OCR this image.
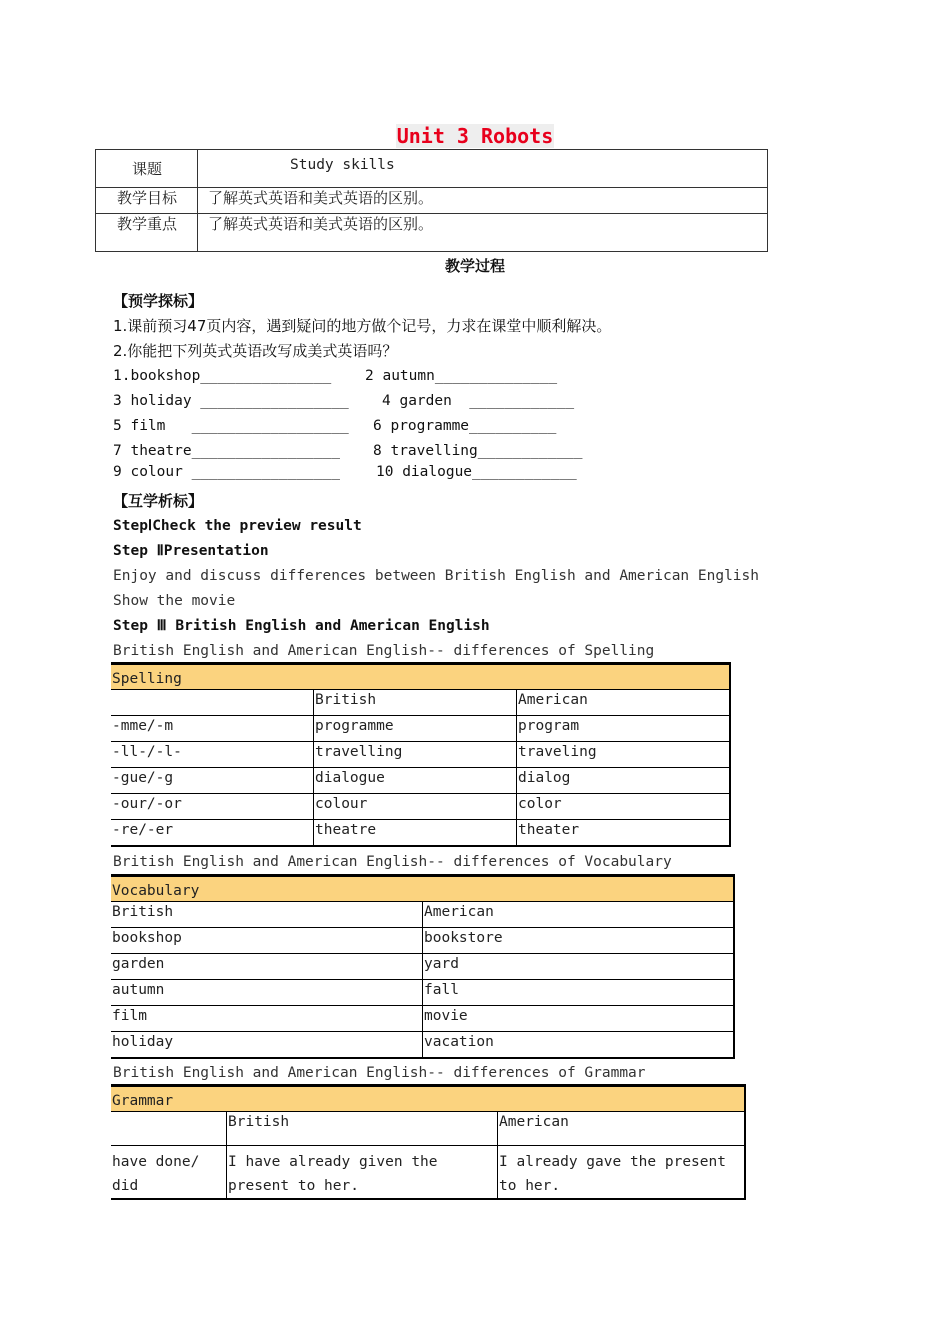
Unit 3 Robots
课题	Study skills
教学目标	了解英式英语和美式英语的区别。
教学重点	了解英式英语和美式英语的区别。
教学过程
【预学探标】
1.课前预习47页内容，遇到疑问的地方做个记号，力求在课堂中顺利解决。
2.你能把下列英式英语改写成美式英语吗？
1.bookshop_______________ 2 autumn______________
3 holiday _________________ 4 garden  ____________
5 film   __________________ 6 programme__________
7 theatre_________________ 8 travelling____________
9 colour _________________ 10 dialogue____________
【互学析标】
StepⅠCheck the preview result
Step ⅡPresentation
Enjoy and discuss differences between British English and American English
Show the movie
Step Ⅲ British English and American English
British English and American English-- differences of Spelling
Spelling		
	British	American
-mme/-m	programme	program
-ll-/-l-	travelling	traveling
-gue/-g	dialogue	dialog
-our/-or	colour	color
-re/-er	theatre	theater
British English and American English-- differences of Vocabulary
Vocabulary	
British	American
bookshop	bookstore
garden	yard
autumn	fall
film	movie
holiday	vacation
British English and American English-- differences of Grammar
Grammar		
	British	American
have done/ did	I have already given the present to her.	I already gave the present to her.
